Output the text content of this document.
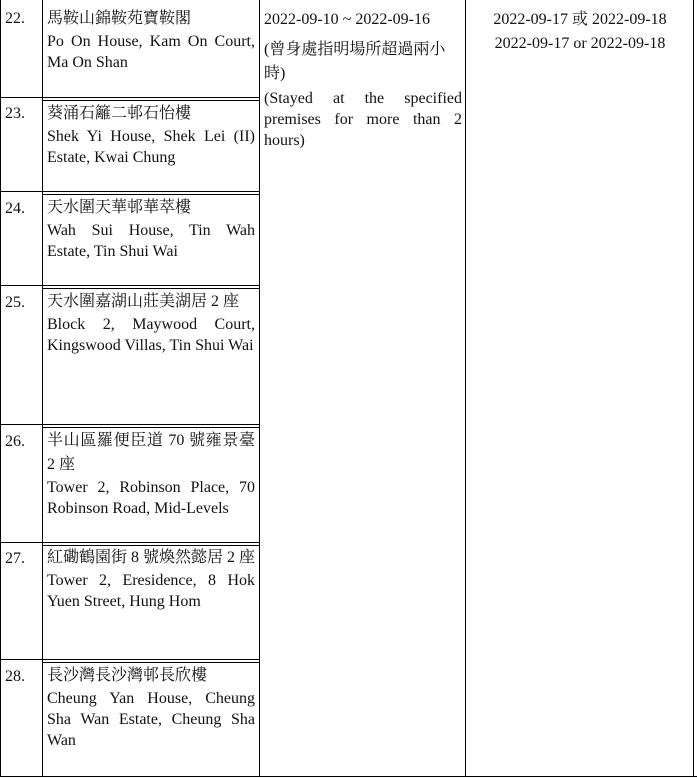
22. 馬鞍山錦鞍苑寶鞍閣
Po On House, Kam On Court, Ma On Shan
23. 葵涌石籬二邨石怡樓
Shek Yi House, Shek Lei (II) Estate, Kwai Chung
24. 天水圍天華邨華萃樓
Wah Sui House, Tin Wah Estate, Tin Shui Wai
25. 天水圍嘉湖山莊美湖居 2 座
Block 2, Maywood Court, Kingswood Villas, Tin Shui Wai
26. 半山區羅便臣道 70 號雍景臺 2 座
Tower 2, Robinson Place, 70 Robinson Road, Mid-Levels
27. 紅磡鶴園街 8 號煥然懿居 2 座
Tower 2, Eresidence, 8 Hok Yuen Street, Hung Hom
28. 長沙灣長沙灣邨長欣樓
Cheung Yan House, Cheung Sha Wan Estate, Cheung Sha Wan
2022-09-10 ~ 2022-09-16
(曾身處指明場所超過兩小時)
(Stayed at the specified premises for more than 2 hours)
2022-09-17 或 2022-09-18
2022-09-17 or 2022-09-18
